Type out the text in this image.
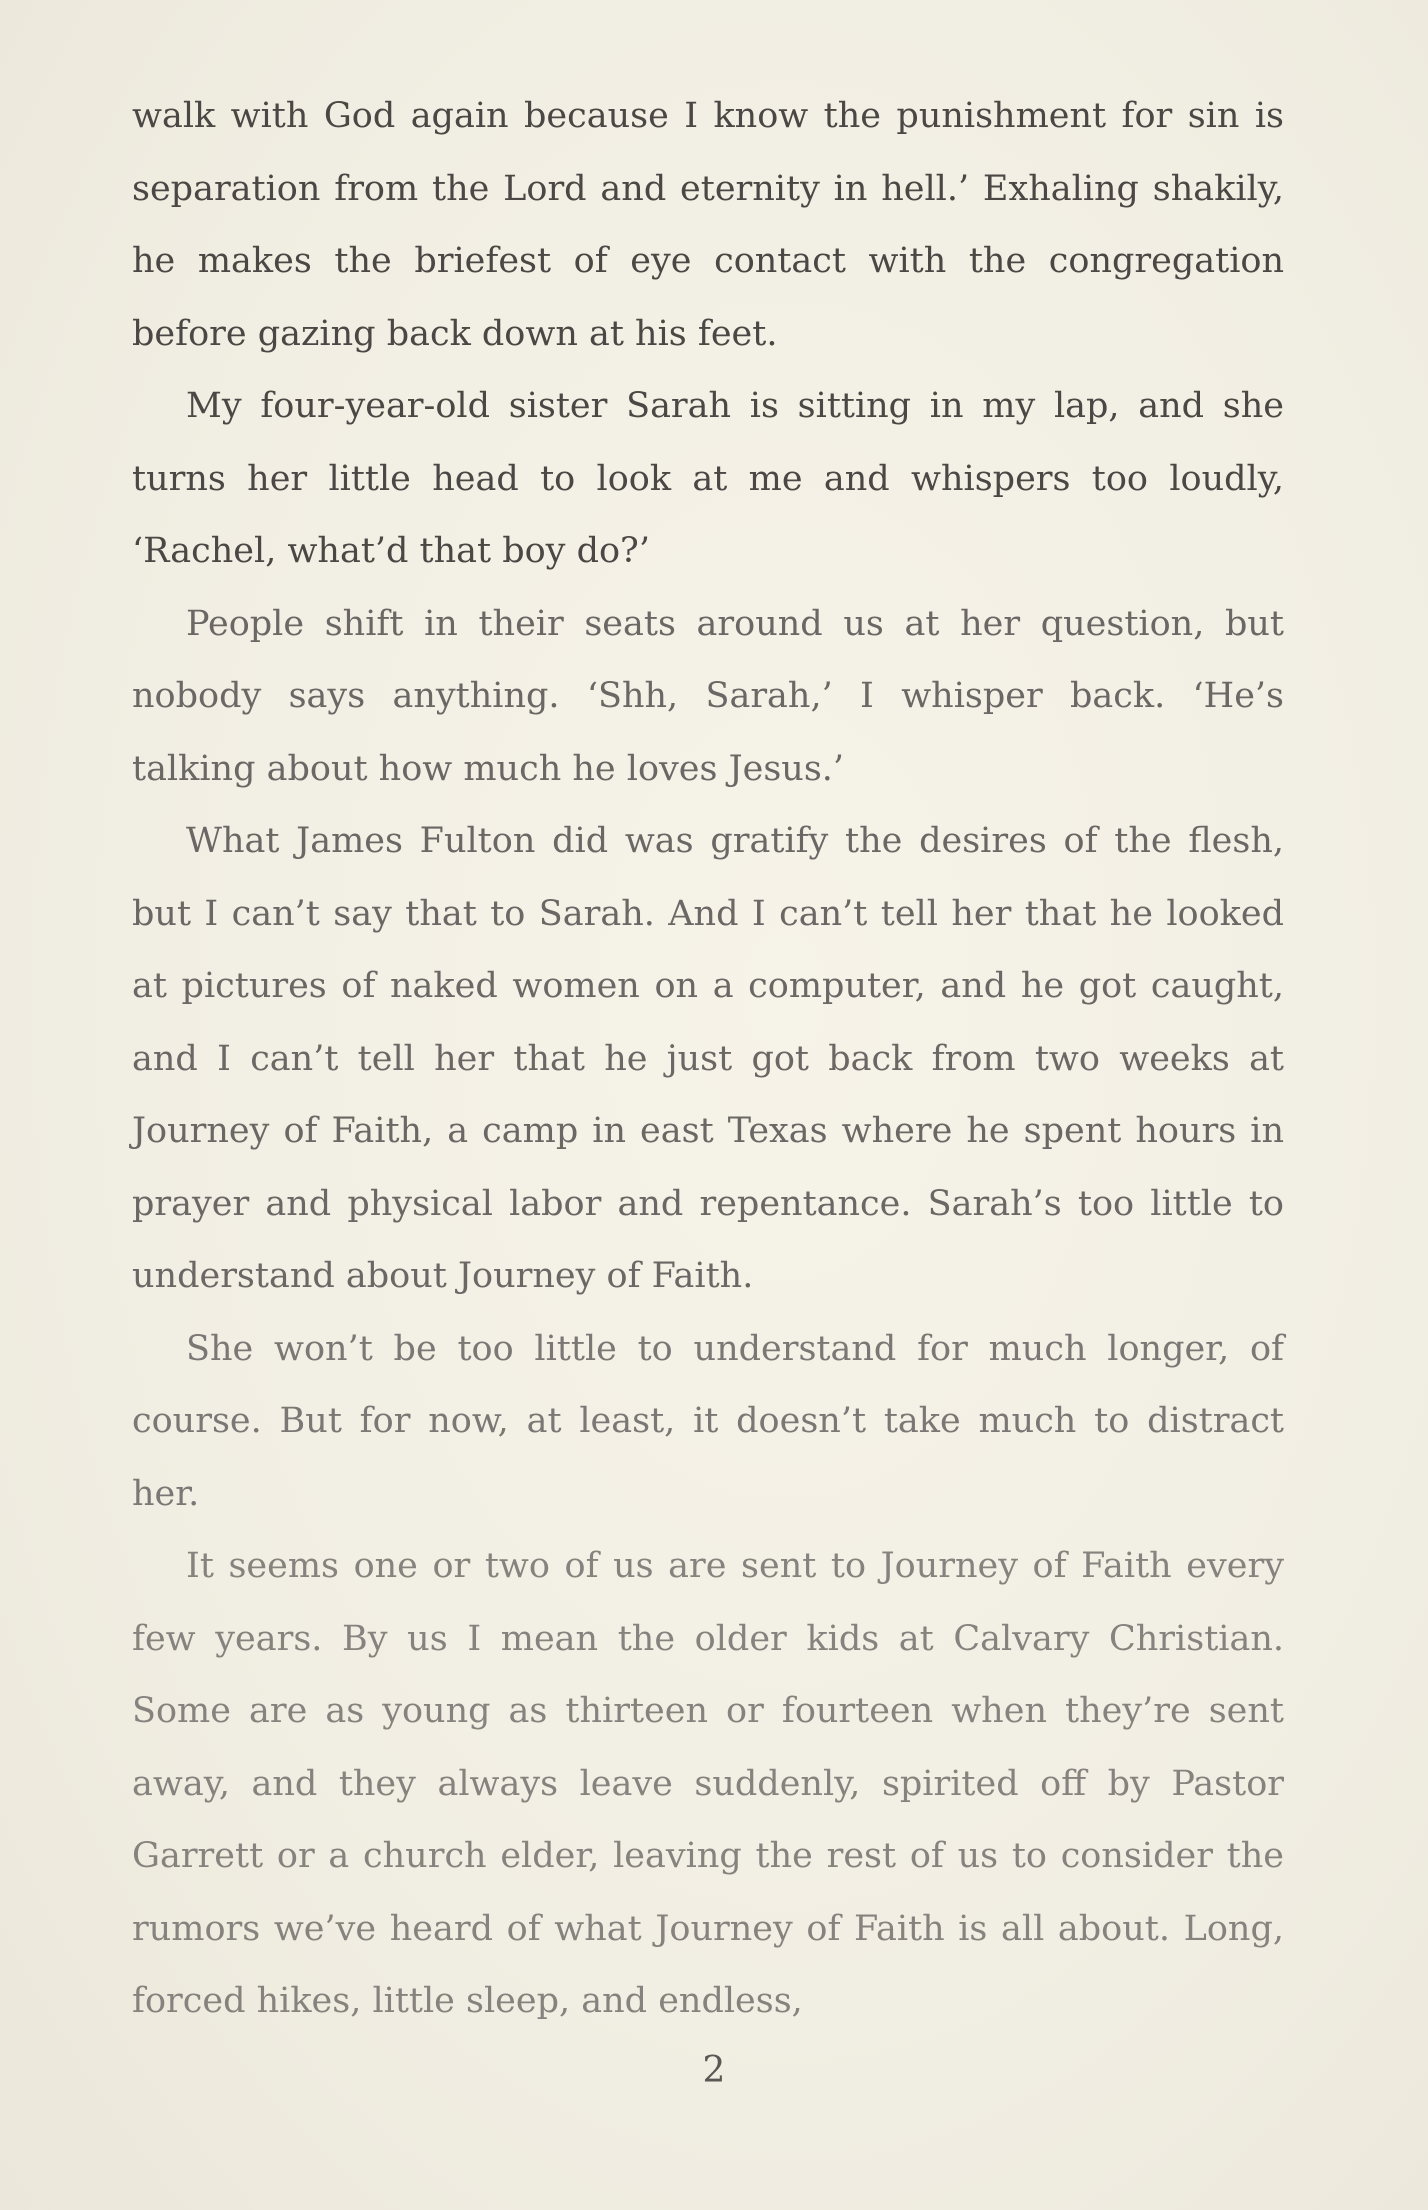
walk with God again because I know the punishment for sin is separation from the Lord and eternity in hell.’ Exhaling shakily, he makes the briefest of eye contact with the congregation before gazing back down at his feet.

My four-year-old sister Sarah is sitting in my lap, and she turns her little head to look at me and whispers too loudly, ‘Rachel, what’d that boy do?’

People shift in their seats around us at her question, but nobody says anything. ‘Shh, Sarah,’ I whisper back. ‘He’s talking about how much he loves Jesus.’

What James Fulton did was gratify the desires of the flesh, but I can’t say that to Sarah. And I can’t tell her that he looked at pictures of naked women on a computer, and he got caught, and I can’t tell her that he just got back from two weeks at Journey of Faith, a camp in east Texas where he spent hours in prayer and physical labor and repentance. Sarah’s too little to understand about Journey of Faith.

She won’t be too little to understand for much longer, of course. But for now, at least, it doesn’t take much to distract her.

It seems one or two of us are sent to Journey of Faith every few years. By us I mean the older kids at Calvary Christian. Some are as young as thirteen or fourteen when they’re sent away, and they always leave suddenly, spirited off by Pastor Garrett or a church elder, leaving the rest of us to consider the rumors we’ve heard of what Journey of Faith is all about. Long, forced hikes, little sleep, and endless,

2
